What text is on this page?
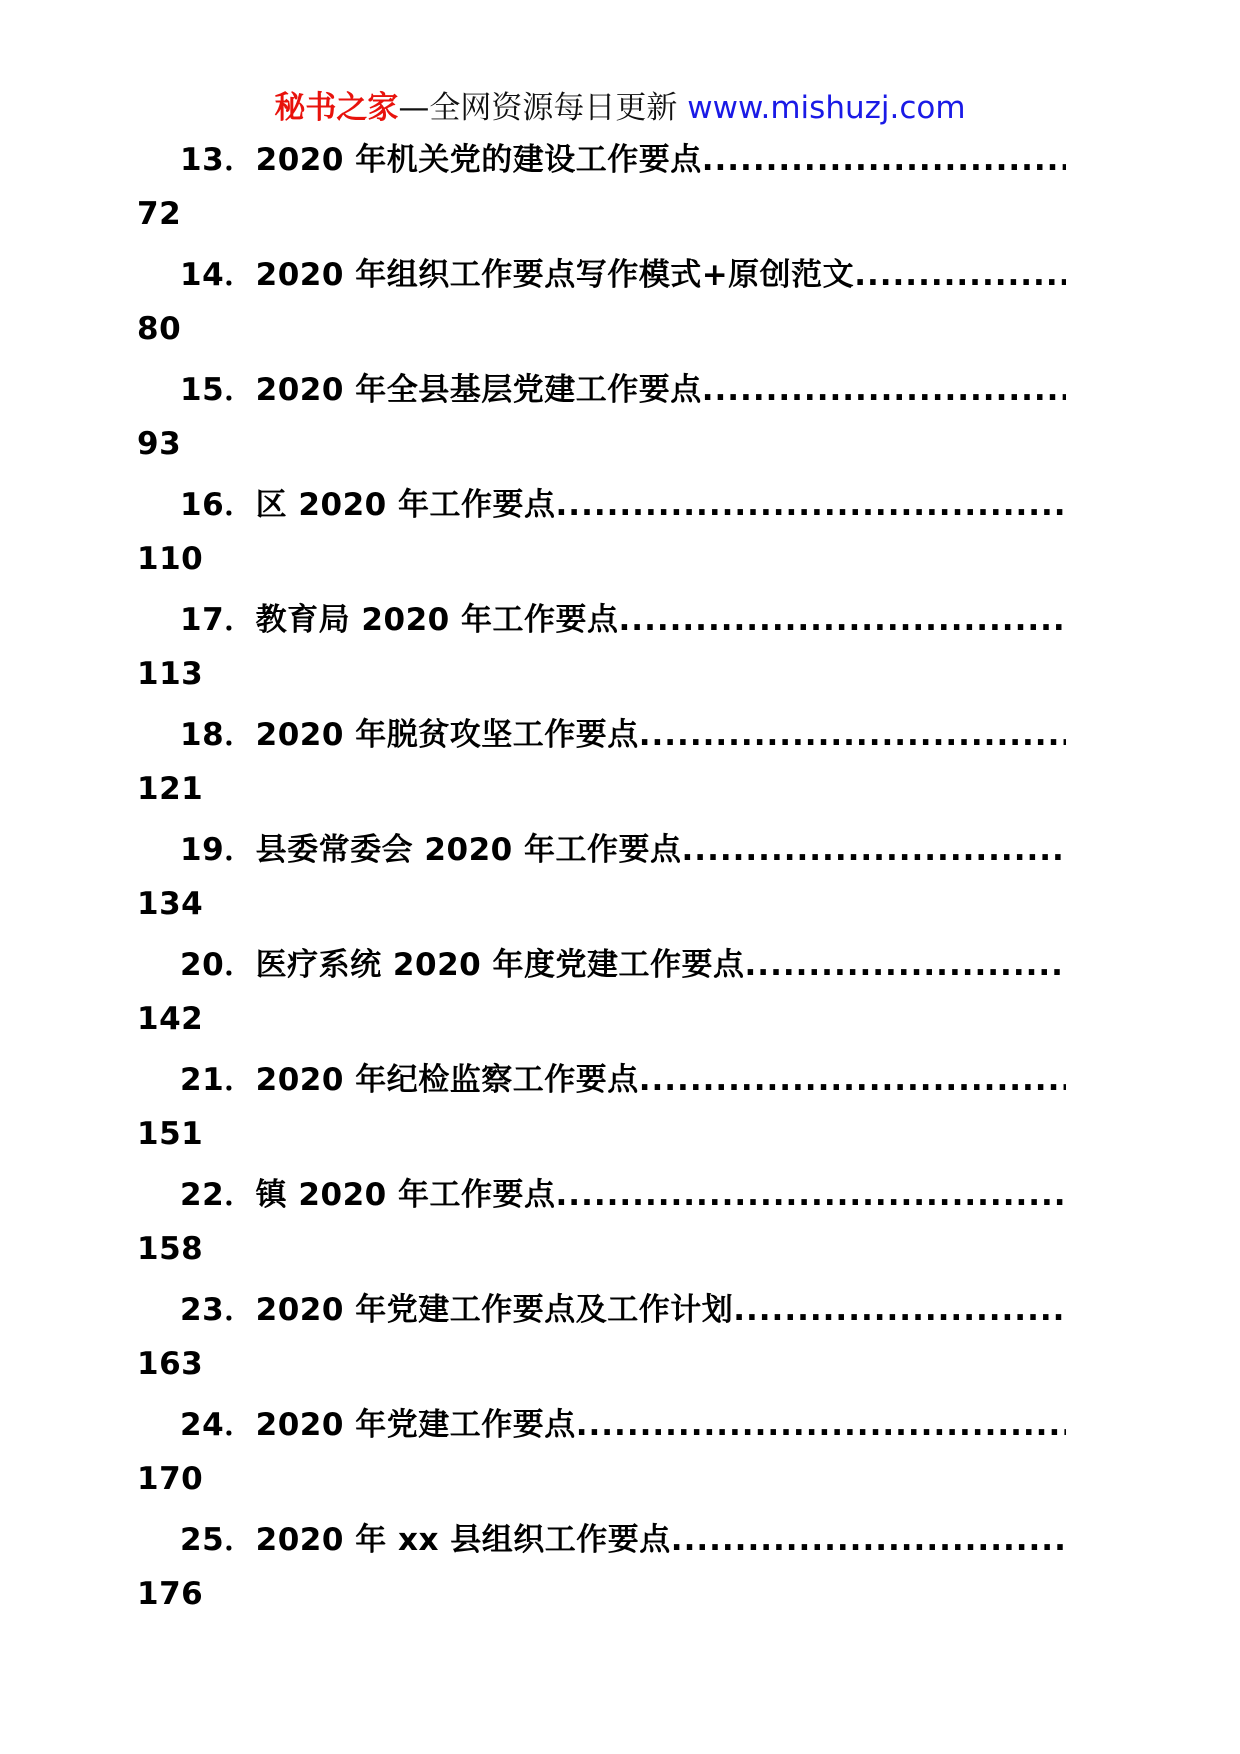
秘书之家—全网资源每日更新 www.mishuzj.com
13． 2020 年机关党的建设工作要点
.....
72
14． 2020 年组织工作要点写作模式+原创范文
.....
80
15． 2020 年全县基层党建工作要点
.....
93
16． 区 2020 年工作要点
.....
110
17． 教育局 2020 年工作要点
.....
113
18． 2020 年脱贫攻坚工作要点
.....
121
19． 县委常委会 2020 年工作要点
.....
134
20． 医疗系统 2020 年度党建工作要点
.....
142
21． 2020 年纪检监察工作要点
.....
151
22． 镇 2020 年工作要点
.....
158
23． 2020 年党建工作要点及工作计划
.....
163
24． 2020 年党建工作要点
.....
170
25． 2020 年 xx 县组织工作要点
.....
176
